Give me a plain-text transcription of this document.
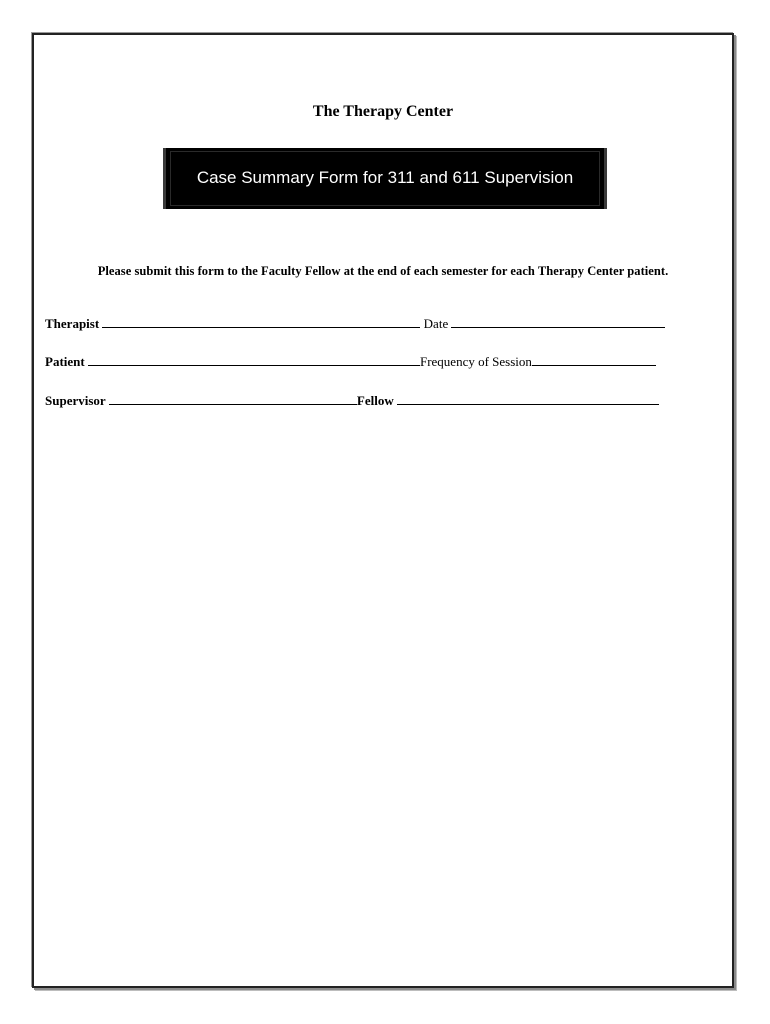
The Therapy Center
Case Summary Form for 311 and 611 Supervision
Please submit this form to the Faculty Fellow at the end of each semester for each Therapy Center patient.
Therapist	Date
Patient	Frequency of Session
Supervisor	Fellow
